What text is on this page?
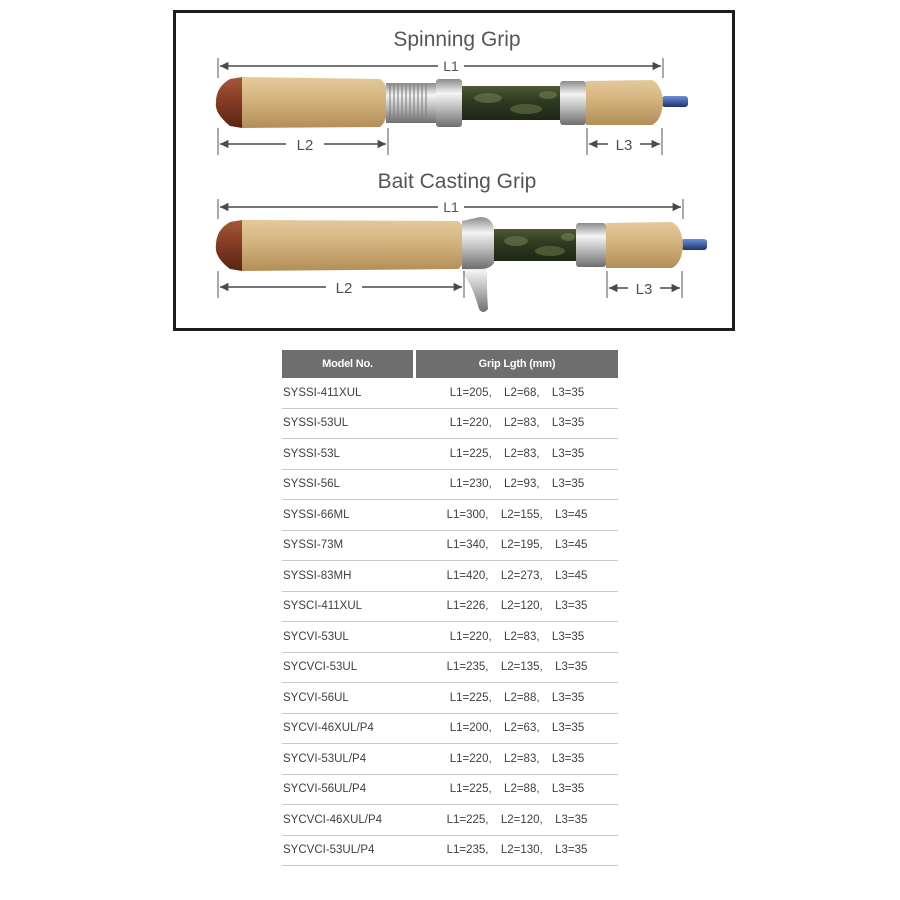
Spinning Grip
L1
L2	L3
Bait Casting Grip
L1
L2	L3
Model No.	Grip Lgth (mm)
SYSSI-411XUL	L1=205,  L2=68,  L3=35
SYSSI-53UL	L1=220,  L2=83,  L3=35
SYSSI-53L	L1=225,  L2=83,  L3=35
SYSSI-56L	L1=230,  L2=93,  L3=35
SYSSI-66ML	L1=300,  L2=155,  L3=45
SYSSI-73M	L1=340,  L2=195,  L3=45
SYSSI-83MH	L1=420,  L2=273,  L3=45
SYSCI-411XUL	L1=226,  L2=120,  L3=35
SYCVI-53UL	L1=220,  L2=83,  L3=35
SYCVCI-53UL	L1=235,  L2=135,  L3=35
SYCVI-56UL	L1=225,  L2=88,  L3=35
SYCVI-46XUL/P4	L1=200,  L2=63,  L3=35
SYCVI-53UL/P4	L1=220,  L2=83,  L3=35
SYCVI-56UL/P4	L1=225,  L2=88,  L3=35
SYCVCI-46XUL/P4	L1=225,  L2=120,  L3=35
SYCVCI-53UL/P4	L1=235,  L2=130,  L3=35
